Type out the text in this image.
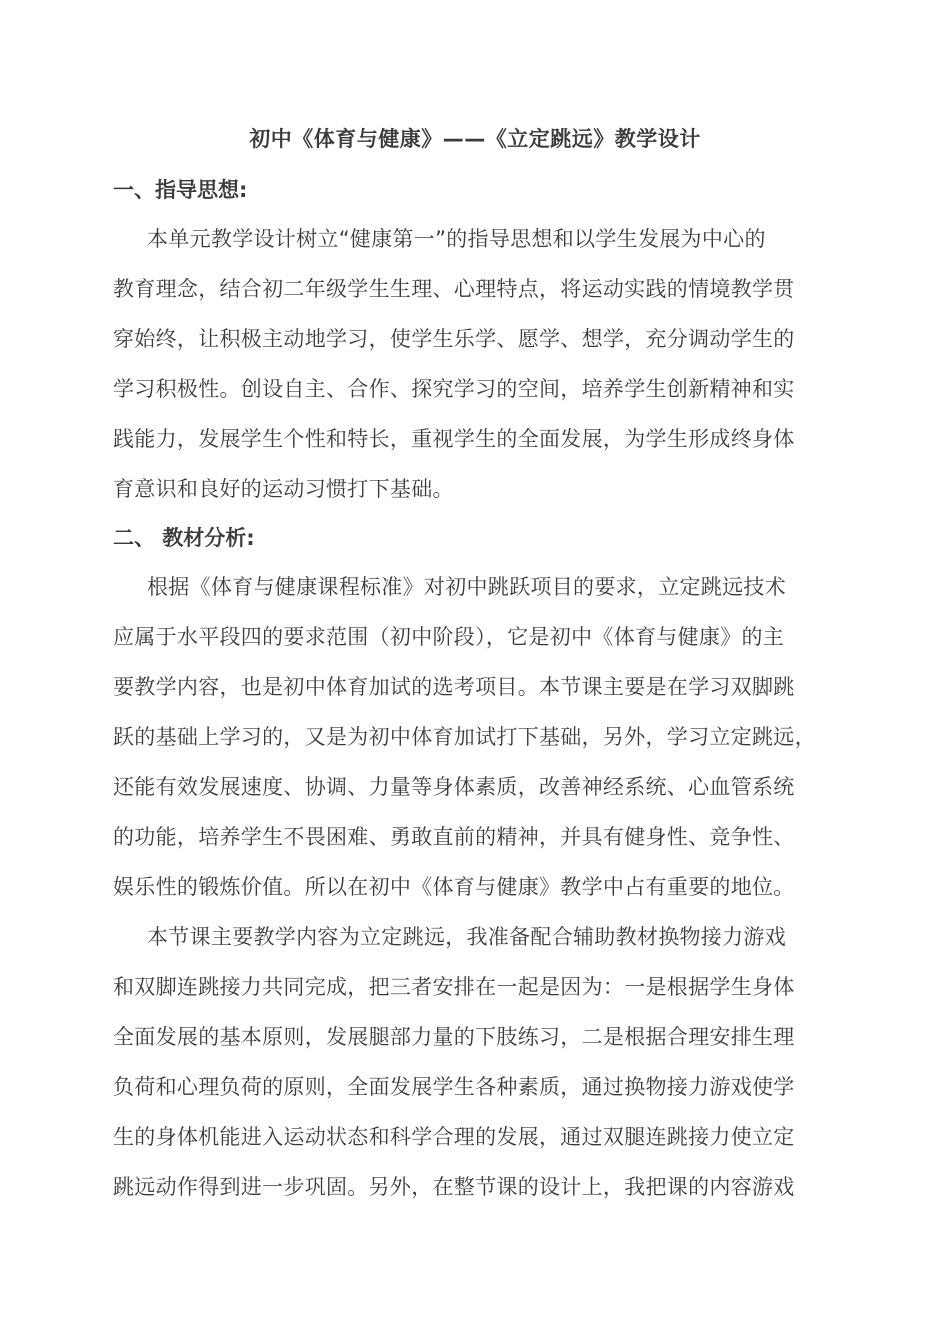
初中《体育与健康》——《立定跳远》教学设计
一、指导思想:
本单元教学设计树立“健康第一”的指导思想和以学生发展为中心的
教育理念，结合初二年级学生生理、心理特点，将运动实践的情境教学贯
穿始终，让积极主动地学习，使学生乐学、愿学、想学，充分调动学生的
学习积极性。创设自主、合作、探究学习的空间，培养学生创新精神和实
践能力，发展学生个性和特长，重视学生的全面发展，为学生形成终身体
育意识和良好的运动习惯打下基础。
二、 教材分析:
根据《体育与健康课程标准》对初中跳跃项目的要求，立定跳远技术
应属于水平段四的要求范围（初中阶段），它是初中《体育与健康》的主
要教学内容，也是初中体育加试的选考项目。本节课主要是在学习双脚跳
跃的基础上学习的，又是为初中体育加试打下基础，另外，学习立定跳远，
还能有效发展速度、协调、力量等身体素质，改善神经系统、心血管系统
的功能，培养学生不畏困难、勇敢直前的精神，并具有健身性、竞争性、
娱乐性的锻炼价值。所以在初中《体育与健康》教学中占有重要的地位。
本节课主要教学内容为立定跳远，我准备配合辅助教材换物接力游戏
和双脚连跳接力共同完成，把三者安排在一起是因为：一是根据学生身体
全面发展的基本原则，发展腿部力量的下肢练习，二是根据合理安排生理
负荷和心理负荷的原则，全面发展学生各种素质，通过换物接力游戏使学
生的身体机能进入运动状态和科学合理的发展，通过双腿连跳接力使立定
跳远动作得到进一步巩固。另外，在整节课的设计上，我把课的内容游戏
